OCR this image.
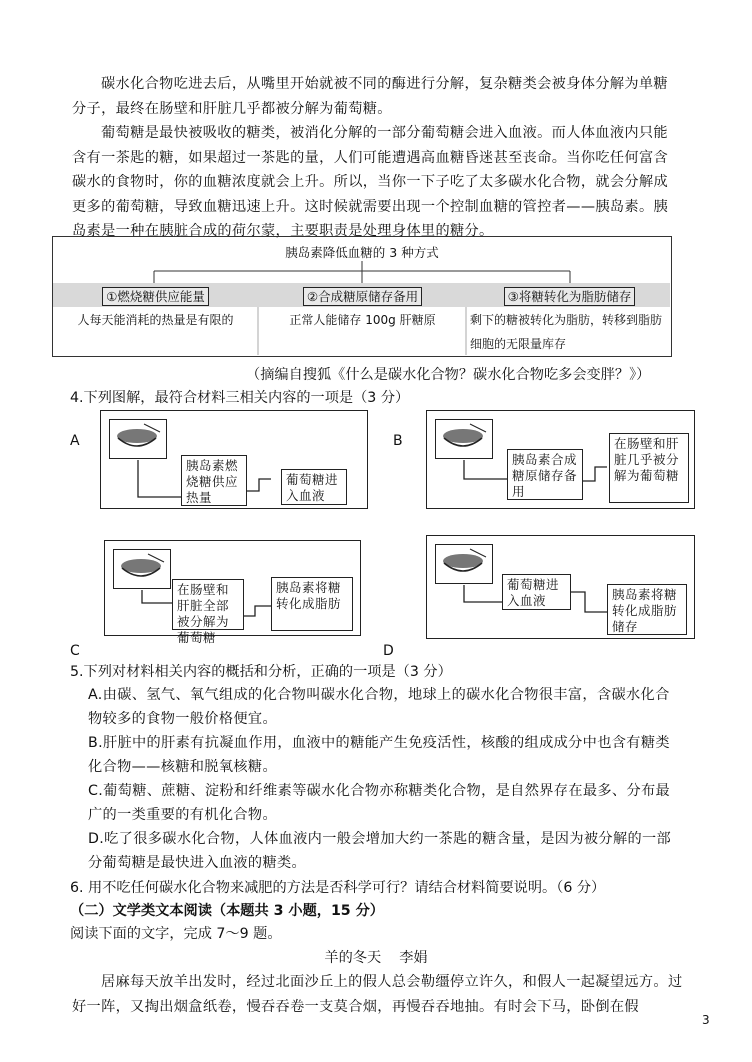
碳水化合物吃进去后，从嘴里开始就被不同的酶进行分解，复杂糖类会被身体分解为单糖分子，最终在肠壁和肝脏几乎都被分解为葡萄糖。
葡萄糖是最快被吸收的糖类，被消化分解的一部分葡萄糖会进入血液。而人体血液内只能含有一茶匙的糖，如果超过一茶匙的量，人们可能遭遇高血糖昏迷甚至丧命。当你吃任何富含碳水的食物时，你的血糖浓度就会上升。所以，当你一下子吃了太多碳水化合物，就会分解成更多的葡萄糖，导致血糖迅速上升。这时候就需要出现一个控制血糖的管控者——胰岛素。胰岛素是一种在胰脏合成的荷尔蒙，主要职责是处理身体里的糖分。
胰岛素降低血糖的 3 种方式
①燃烧糖供应能量	②合成糖原储存备用	③将糖转化为脂肪储存
人每天能消耗的热量是有限的	正常人能储存 100g 肝糖原	剩下的糖被转化为脂肪，转移到脂肪细胞的无限量库存
（摘编自搜狐《什么是碳水化合物？碳水化合物吃多会变胖？》）
4.下列图解，最符合材料三相关内容的一项是（3 分）
A
胰岛素燃烧糖供应热量
葡萄糖进入血液
B
胰岛素合成糖原储存备用
在肠壁和肝脏几乎被分解为葡萄糖
C
在肠壁和肝脏全部被分解为葡萄糖
胰岛素将糖转化成脂肪
D
葡萄糖进入血液	胰岛素将糖转化成脂肪储存
5.下列对材料相关内容的概括和分析，正确的一项是（3 分）
A.由碳、氢气、氧气组成的化合物叫碳水化合物，地球上的碳水化合物很丰富，含碳水化合物较多的食物一般价格便宜。
B.肝脏中的肝素有抗凝血作用，血液中的糖能产生免疫活性，核酸的组成成分中也含有糖类化合物——核糖和脱氧核糖。
C.葡萄糖、蔗糖、淀粉和纤维素等碳水化合物亦称糖类化合物，是自然界存在最多、分布最广的一类重要的有机化合物。
D.吃了很多碳水化合物，人体血液内一般会增加大约一茶匙的糖含量，是因为被分解的一部分葡萄糖是最快进入血液的糖类。
6. 用不吃任何碳水化合物来减肥的方法是否科学可行？请结合材料简要说明。（6 分）
（二）文学类文本阅读（本题共 3 小题，15 分）
阅读下面的文字，完成 7～9 题。
羊的冬天    李娟
居麻每天放羊出发时，经过北面沙丘上的假人总会勒缰停立许久，和假人一起凝望远方。过好一阵，又掏出烟盒纸卷，慢吞吞卷一支莫合烟，再慢吞吞地抽。有时会下马，卧倒在假
3
